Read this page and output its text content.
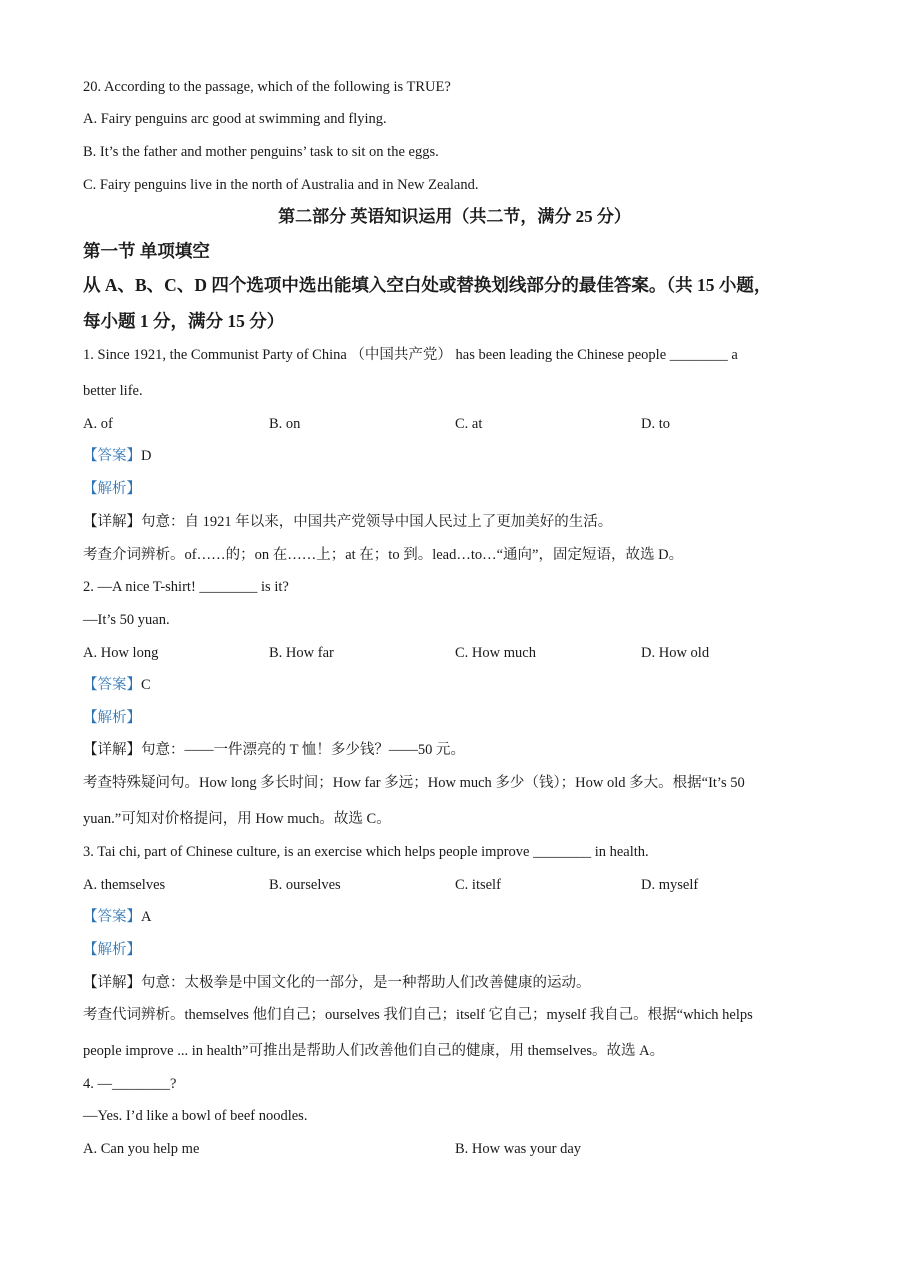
20. According to the passage, which of the following is TRUE?
A. Fairy penguins arc good at swimming and flying.
B. It’s the father and mother penguins’ task to sit on the eggs.
C. Fairy penguins live in the north of Australia and in New Zealand.
第二部分 英语知识运用（共二节，满分 25 分）
第一节 单项填空
从 A、B、C、D 四个选项中选出能填入空白处或替换划线部分的最佳答案。（共 15 小题，
每小题 1 分，满分 15 分）
1. Since 1921, the Communist Party of China （中国共产党） has been leading the Chinese people ________ a
better life.
A. of	B. on	C. at	D. to
【答案】D
【解析】
【详解】句意：自 1921 年以来，中国共产党领导中国人民过上了更加美好的生活。
考查介词辨析。of……的；on 在……上；at 在；to 到。lead…to…“通向”，固定短语，故选 D。
2. —A nice T-shirt! ________ is it?
—It’s 50 yuan.
A. How long	B. How far	C. How much	D. How old
【答案】C
【解析】
【详解】句意：——一件漂亮的 T 恤！多少钱？——50 元。
考查特殊疑问句。How long 多长时间；How far 多远；How much 多少（钱）；How old 多大。根据“It’s 50
yuan.”可知对价格提问，用 How much。故选 C。
3. Tai chi, part of Chinese culture, is an exercise which helps people improve ________ in health.
A. themselves	B. ourselves	C. itself	D. myself
【答案】A
【解析】
【详解】句意：太极拳是中国文化的一部分，是一种帮助人们改善健康的运动。
考查代词辨析。themselves 他们自己；ourselves 我们自己；itself 它自己；myself 我自己。根据“which helps
people improve ... in health”可推出是帮助人们改善他们自己的健康，用 themselves。故选 A。
4. —________?
—Yes. I’d like a bowl of beef noodles.
A. Can you help me	B. How was your day
